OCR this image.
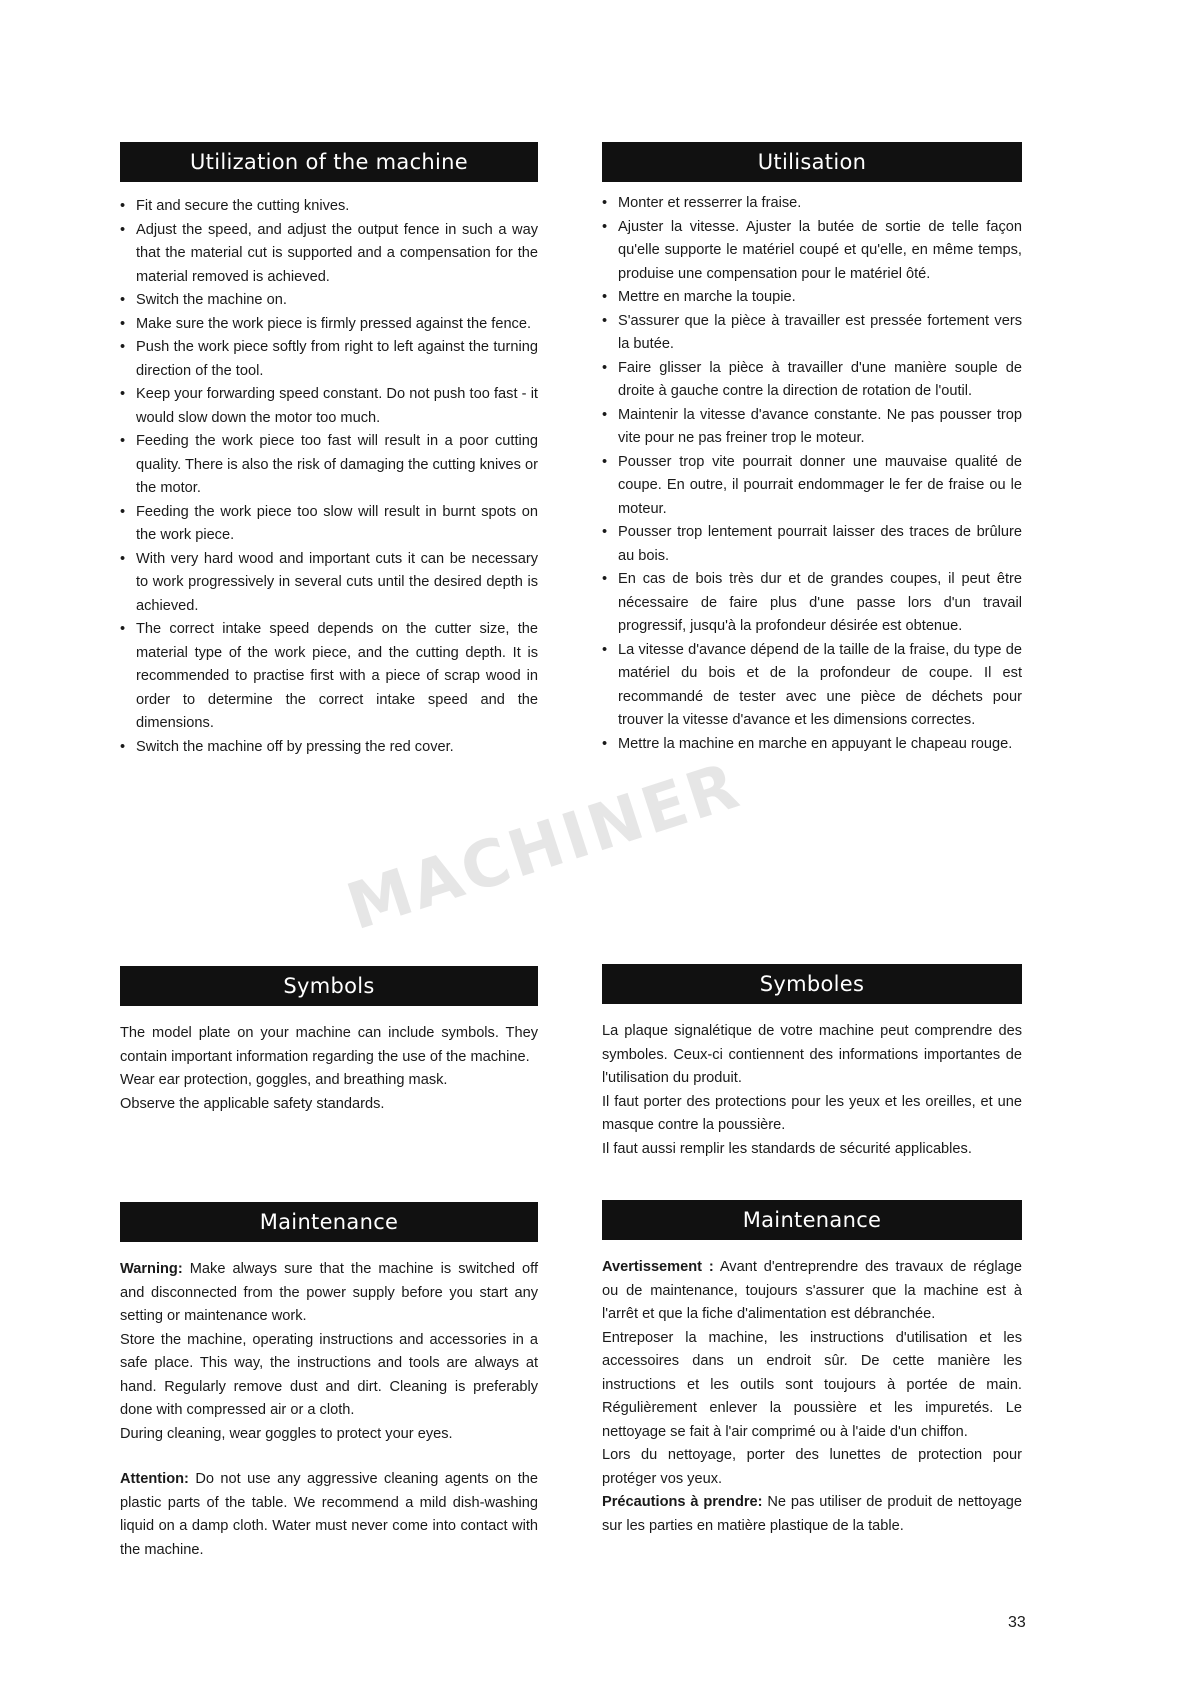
MACHINER
Utilization of the machine
• Fit and secure the cutting knives.
• Adjust the speed, and adjust the output fence in such a way that the material cut is supported and a compensation for the material removed is achieved.
• Switch the machine on.
• Make sure the work piece is firmly pressed against the fence.
• Push the work piece softly from right to left against the turning direction of the tool.
• Keep your forwarding speed constant. Do not push too fast - it would slow down the motor too much.
• Feeding the work piece too fast will result in a poor cutting quality. There is also the risk of damaging the cutting knives or the motor.
• Feeding the work piece too slow will result in burnt spots on the work piece.
• With very hard wood and important cuts it can be necessary to work progressively in several cuts until the desired depth is achieved.
• The correct intake speed depends on the cutter size, the material type of the work piece, and the cutting depth. It is recommended to practise first with a piece of scrap wood in order to determine the correct intake speed and the dimensions.
• Switch the machine off by pressing the red cover.
Symbols

The model plate on your machine can include symbols. They contain important information regarding the use of the machine.

Wear ear protection, goggles, and breathing mask.

Observe the applicable safety standards.

Maintenance

Warning: Make always sure that the machine is switched off and disconnected from the power supply before you start any setting or maintenance work.

Store the machine, operating instructions and accessories in a safe place. This way, the instructions and tools are always at hand. Regularly remove dust and dirt. Cleaning is preferably done with compressed air or a cloth.

During cleaning, wear goggles to protect your eyes.

Attention: Do not use any aggressive cleaning agents on the plastic parts of the table. We recommend a mild dish-washing liquid on a damp cloth. Water must never come into contact with the machine.

Utilisation
• Monter et resserrer la fraise.
• Ajuster la vitesse. Ajuster la butée de sortie de telle façon qu'elle supporte le matériel coupé et qu'elle, en même temps, produise une compensation pour le matériel ôté.
• Mettre en marche la toupie.
• S'assurer que la pièce à travailler est pressée fortement vers la butée.
• Faire glisser la pièce à travailler d'une manière souple de droite à gauche contre la direction de rotation de l'outil.
• Maintenir la vitesse d'avance constante. Ne pas pousser trop vite pour ne pas freiner trop le moteur.
• Pousser trop vite pourrait donner une mauvaise qualité de coupe. En outre, il pourrait endommager le fer de fraise ou le moteur.
• Pousser trop lentement pourrait laisser des traces de brûlure au bois.
• En cas de bois très dur et de grandes coupes, il peut être nécessaire de faire plus d'une passe lors d'un travail progressif, jusqu'à la profondeur désirée est obtenue.
• La vitesse d'avance dépend de la taille de la fraise, du type de matériel du bois et de la profondeur de coupe. Il est recommandé de tester avec une pièce de déchets pour trouver la vitesse d'avance et les dimensions correctes.
• Mettre la machine en marche en appuyant le chapeau rouge.
Symboles

La plaque signalétique de votre machine peut comprendre des symboles. Ceux-ci contiennent des informations importantes de l'utilisation du produit.

Il faut porter des protections pour les yeux et les oreilles, et une masque contre la poussière.

Il faut aussi remplir les standards de sécurité applicables.

Maintenance

Avertissement : Avant d'entreprendre des travaux de réglage ou de maintenance, toujours s'assurer que la machine est à l'arrêt et que la fiche d'alimentation est débranchée.

Entreposer la machine, les instructions d'utilisation et les accessoires dans un endroit sûr. De cette manière les instructions et les outils sont toujours à portée de main. Régulièrement enlever la poussière et les impuretés. Le nettoyage se fait à l'air comprimé ou à l'aide d'un chiffon.

Lors du nettoyage, porter des lunettes de protection pour protéger vos yeux.

Précautions à prendre: Ne pas utiliser de produit de nettoyage sur les parties en matière plastique de la table.

33
